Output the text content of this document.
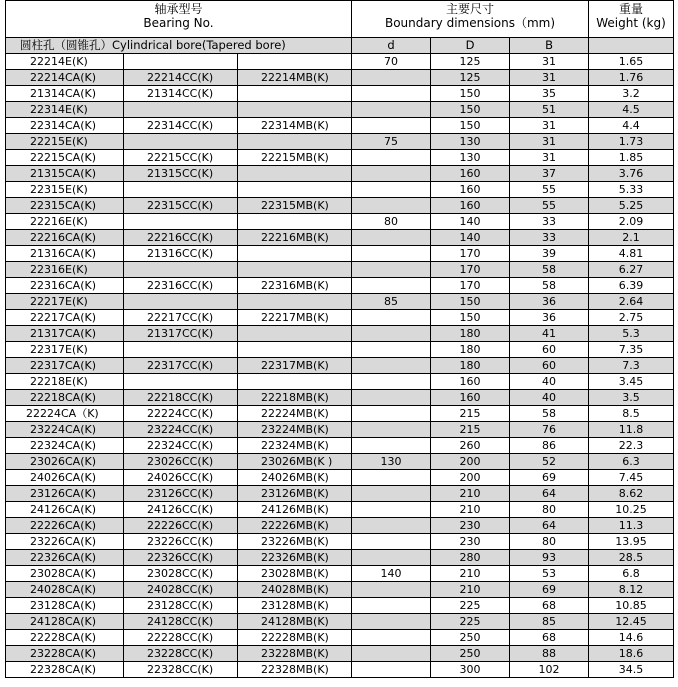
轴承型号
Bearing No.			主要尺寸
Boundary dimensions（mm)			重量
Weight (kg)

圆柱孔（圆锥孔）Cylindrical bore(Tapered bore)			d	D	B	
22214E(K)			70	125	31	1.65
22214CA(K)	22214CC(K)	22214MB(K)		125	31	1.76
21314CA(K)	21314CC(K)			150	35	3.2
22314E(K)				150	51	4.5
22314CA(K)	22314CC(K)	22314MB(K)		150	31	4.4
22215E(K)			75	130	31	1.73
22215CA(K)	22215CC(K)	22215MB(K)		130	31	1.85
21315CA(K)	21315CC(K)			160	37	3.76
22315E(K)				160	55	5.33
22315CA(K)	22315CC(K)	22315MB(K)		160	55	5.25
22216E(K)			80	140	33	2.09
22216CA(K)	22216CC(K)	22216MB(K)		140	33	2.1
21316CA(K)	21316CC(K)			170	39	4.81
22316E(K)				170	58	6.27
22316CA(K)	22316CC(K)	22316MB(K)		170	58	6.39
22217E(K)			85	150	36	2.64
22217CA(K)	22217CC(K)	22217MB(K)		150	36	2.75
21317CA(K)	21317CC(K)			180	41	5.3
22317E(K)				180	60	7.35
22317CA(K)	22317CC(K)	22317MB(K)		180	60	7.3
22218E(K)				160	40	3.45
22218CA(K)	22218CC(K)	22218MB(K)		160	40	3.5
22224CA（K)	22224CC(K)	22224MB(K)		215	58	8.5
23224CA(K)	23224CC(K)	23224MB(K)		215	76	11.8
22324CA(K)	22324CC(K)	22324MB(K)		260	86	22.3
23026CA(K)	23026CC(K)	23026MB(K )	130	200	52	6.3
24026CA(K)	24026CC(K)	24026MB(K)		200	69	7.45
23126CA(K)	23126CC(K)	23126MB(K)		210	64	8.62
24126CA(K)	24126CC(K)	24126MB(K)		210	80	10.25
22226CA(K)	22226CC(K)	22226MB(K)		230	64	11.3
23226CA(K)	23226CC(K)	23226MB(K)		230	80	13.95
22326CA(K)	22326CC(K)	22326MB(K)		280	93	28.5
23028CA(K)	23028CC(K)	23028MB(K)	140	210	53	6.8
24028CA(K)	24028CC(K)	24028MB(K)		210	69	8.12
23128CA(K)	23128CC(K)	23128MB(K)		225	68	10.85
24128CA(K)	24128CC(K)	24128MB(K)		225	85	12.45
22228CA(K)	22228CC(K)	22228MB(K)		250	68	14.6
23228CA(K)	23228CC(K)	23228MB(K)		250	88	18.6
22328CA(K)	22328CC(K)	22328MB(K)		300	102	34.5
